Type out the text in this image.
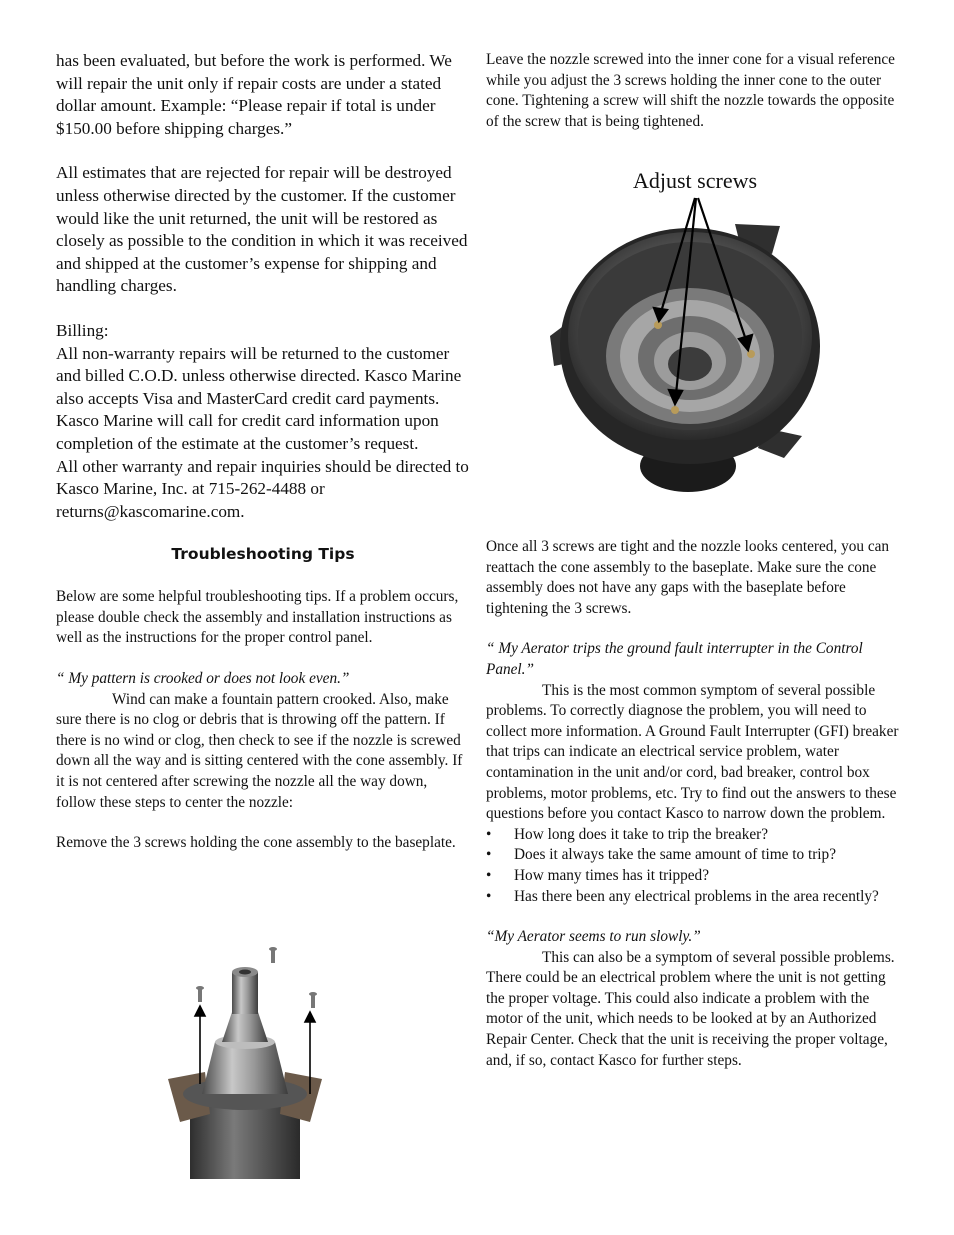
has been evaluated, but before the work is performed. We will repair the unit only if repair costs are under a stated dollar amount. Example: “Please repair if total is under $150.00 before shipping charges.”

All estimates that are rejected for repair will be destroyed unless otherwise directed by the customer. If the customer would like the unit returned, the unit will be restored as closely as possible to the condition in which it was received and shipped at the customer’s expense for shipping and handling charges.

Billing:

All non-warranty repairs will be returned to the customer and billed C.O.D. unless otherwise directed. Kasco Marine also accepts Visa and MasterCard credit card payments. Kasco Marine will call for credit card information upon completion of the estimate at the customer’s request.

All other warranty and repair inquiries should be directed to Kasco Marine, Inc. at 715-262-4488 or returns@kascomarine.com.

Troubleshooting Tips

Below are some helpful troubleshooting tips. If a problem occurs, please double check the assembly and installation instructions as well as the instructions for the proper control panel.

“ My pattern is crooked or does not look even.”

Wind can make a fountain pattern crooked. Also, make sure there is no clog or debris that is throwing off the pattern. If there is no wind or clog, then check to see if the nozzle is screwed down all the way and is sitting centered with the cone assembly. If it is not centered after screwing the nozzle all the way down, follow these steps to center the nozzle:

Remove the 3 screws holding the cone assembly to the baseplate.

Leave the nozzle screwed into the inner cone for a visual reference while you adjust the 3 screws holding the inner cone to the outer cone. Tightening a screw will shift the nozzle towards the opposite of the screw that is being tightened.

Adjust screws

Once all 3 screws are tight and the nozzle looks centered, you can reattach the cone assembly to the baseplate. Make sure the cone assembly does not have any gaps with the baseplate before tightening the 3 screws.

“ My Aerator trips the ground fault interrupter in the Control Panel.”

This is the most common symptom of several possible problems. To correctly diagnose the problem, you will need to collect more information. A Ground Fault Interrupter (GFI) breaker that trips can indicate an electrical service problem, water contamination in the unit and/or cord, bad breaker, control box problems, motor problems, etc. Try to find out the answers to these questions before you contact Kasco to narrow down the problem.

• How long does it take to trip the breaker?
• Does it always take the same amount of time to trip?
• How many times has it tripped?
• Has there been any electrical problems in the area recently?

“My Aerator seems to run slowly.”

This can also be a symptom of several possible problems. There could be an electrical problem where the unit is not getting the proper voltage. This could also indicate a problem with the motor of the unit, which needs to be looked at by an Authorized Repair Center. Check that the unit is receiving the proper voltage, and, if so, contact Kasco for further steps.
